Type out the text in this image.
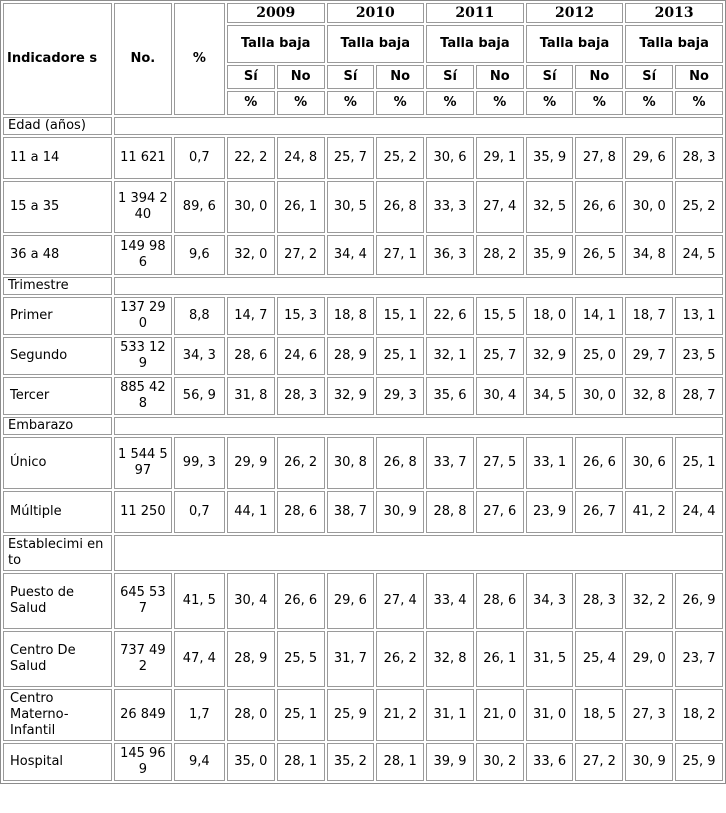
Indicadore s	No.	%	2009		2010		2011		2012		2013	
			Talla baja		Talla baja		Talla baja		Talla baja		Talla baja	
			Sí	No	Sí	No	Sí	No	Sí	No	Sí	No
			%	%	%	%	%	%	%	%	%	%
Edad (años)												
11 a 14	11 621	0,7	22, 2	24, 8	25, 7	25, 2	30, 6	29, 1	35, 9	27, 8	29, 6	28, 3
15 a 35	1 394 240	89, 6	30, 0	26, 1	30, 5	26, 8	33, 3	27, 4	32, 5	26, 6	30, 0	25, 2
36 a 48	149 986	9,6	32, 0	27, 2	34, 4	27, 1	36, 3	28, 2	35, 9	26, 5	34, 8	24, 5
Trimestre												
Primer	137 290	8,8	14, 7	15, 3	18, 8	15, 1	22, 6	15, 5	18, 0	14, 1	18, 7	13, 1
Segundo	533 129	34, 3	28, 6	24, 6	28, 9	25, 1	32, 1	25, 7	32, 9	25, 0	29, 7	23, 5
Tercer	885 428	56, 9	31, 8	28, 3	32, 9	29, 3	35, 6	30, 4	34, 5	30, 0	32, 8	28, 7
Embarazo												
Único	1 544 597	99, 3	29, 9	26, 2	30, 8	26, 8	33, 7	27, 5	33, 1	26, 6	30, 6	25, 1
Múltiple	11 250	0,7	44, 1	28, 6	38, 7	30, 9	28, 8	27, 6	23, 9	26, 7	41, 2	24, 4
Establecimi ento												
Puesto de Salud	645 537	41, 5	30, 4	26, 6	29, 6	27, 4	33, 4	28, 6	34, 3	28, 3	32, 2	26, 9
Centro De Salud	737 492	47, 4	28, 9	25, 5	31, 7	26, 2	32, 8	26, 1	31, 5	25, 4	29, 0	23, 7
Centro Materno-Infantil	26 849	1,7	28, 0	25, 1	25, 9	21, 2	31, 1	21, 0	31, 0	18, 5	27, 3	18, 2
Hospital	145 969	9,4	35, 0	28, 1	35, 2	28, 1	39, 9	30, 2	33, 6	27, 2	30, 9	25, 9
